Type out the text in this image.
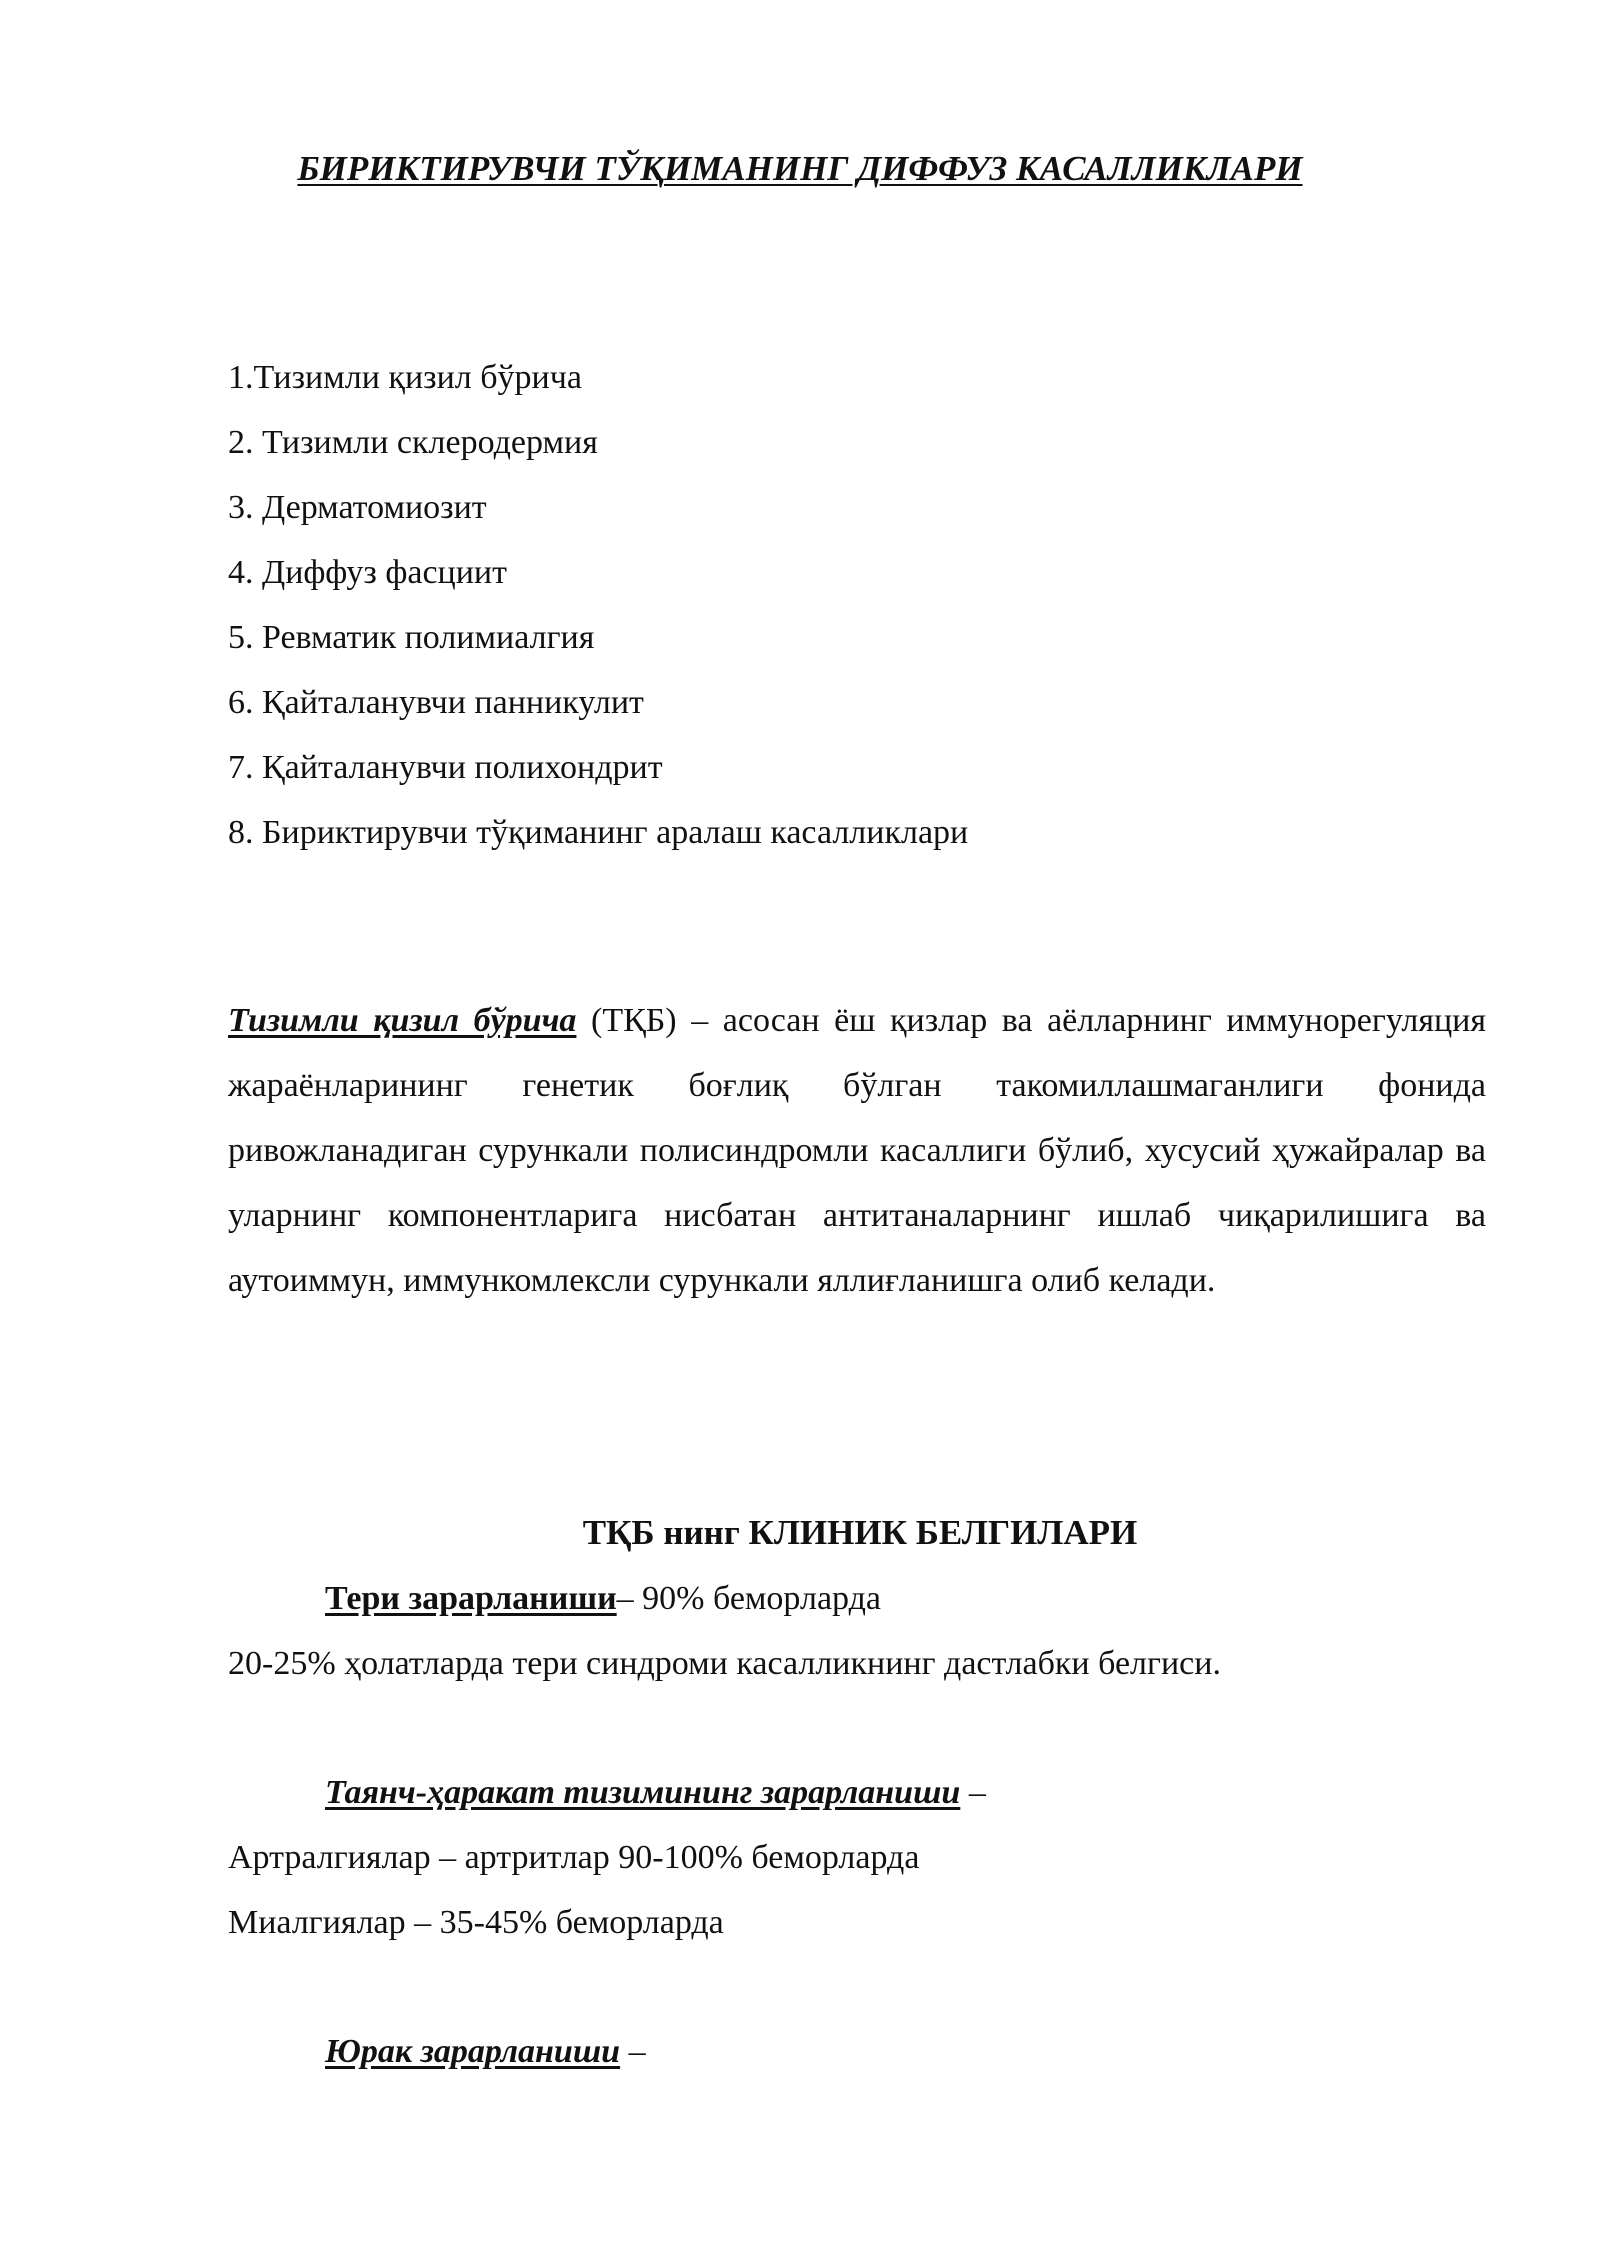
БИРИКТИРУВЧИ ТЎҚИМАНИНГ ДИФФУЗ КАСАЛЛИКЛАРИ
1.Тизимли қизил бўрича
2. Тизимли склеродермия
3. Дерматомиозит
4. Диффуз фасциит
5. Ревматик полимиалгия
6. Қайталанувчи панникулит
7. Қайталанувчи полихондрит
8. Бириктирувчи тўқиманинг аралаш касалликлари

Тизимли қизил бўрича (ТҚБ) – асосан ёш қизлар ва аёлларнинг иммунорегуляция жараёнларининг генетик боғлиқ бўлган такомиллашмаганлиги фонида ривожланадиган сурункали полисиндромли касаллиги бўлиб, хусусий ҳужайралар ва уларнинг компонентларига нисбатан антитаналарнинг ишлаб чиқарилишига ва аутоиммун, иммункомлексли сурункали яллиғланишга олиб келади.

ТҚБ нинг КЛИНИК БЕЛГИЛАРИ
Тери зарарланиши– 90% беморларда
20-25% ҳолатларда тери синдроми касалликнинг дастлабки белгиси.
Таянч-ҳаракат тизимининг зарарланиши –
Артралгиялар – артритлар 90-100% беморларда
Миалгиялар – 35-45% беморларда
Юрак зарарланиши –
